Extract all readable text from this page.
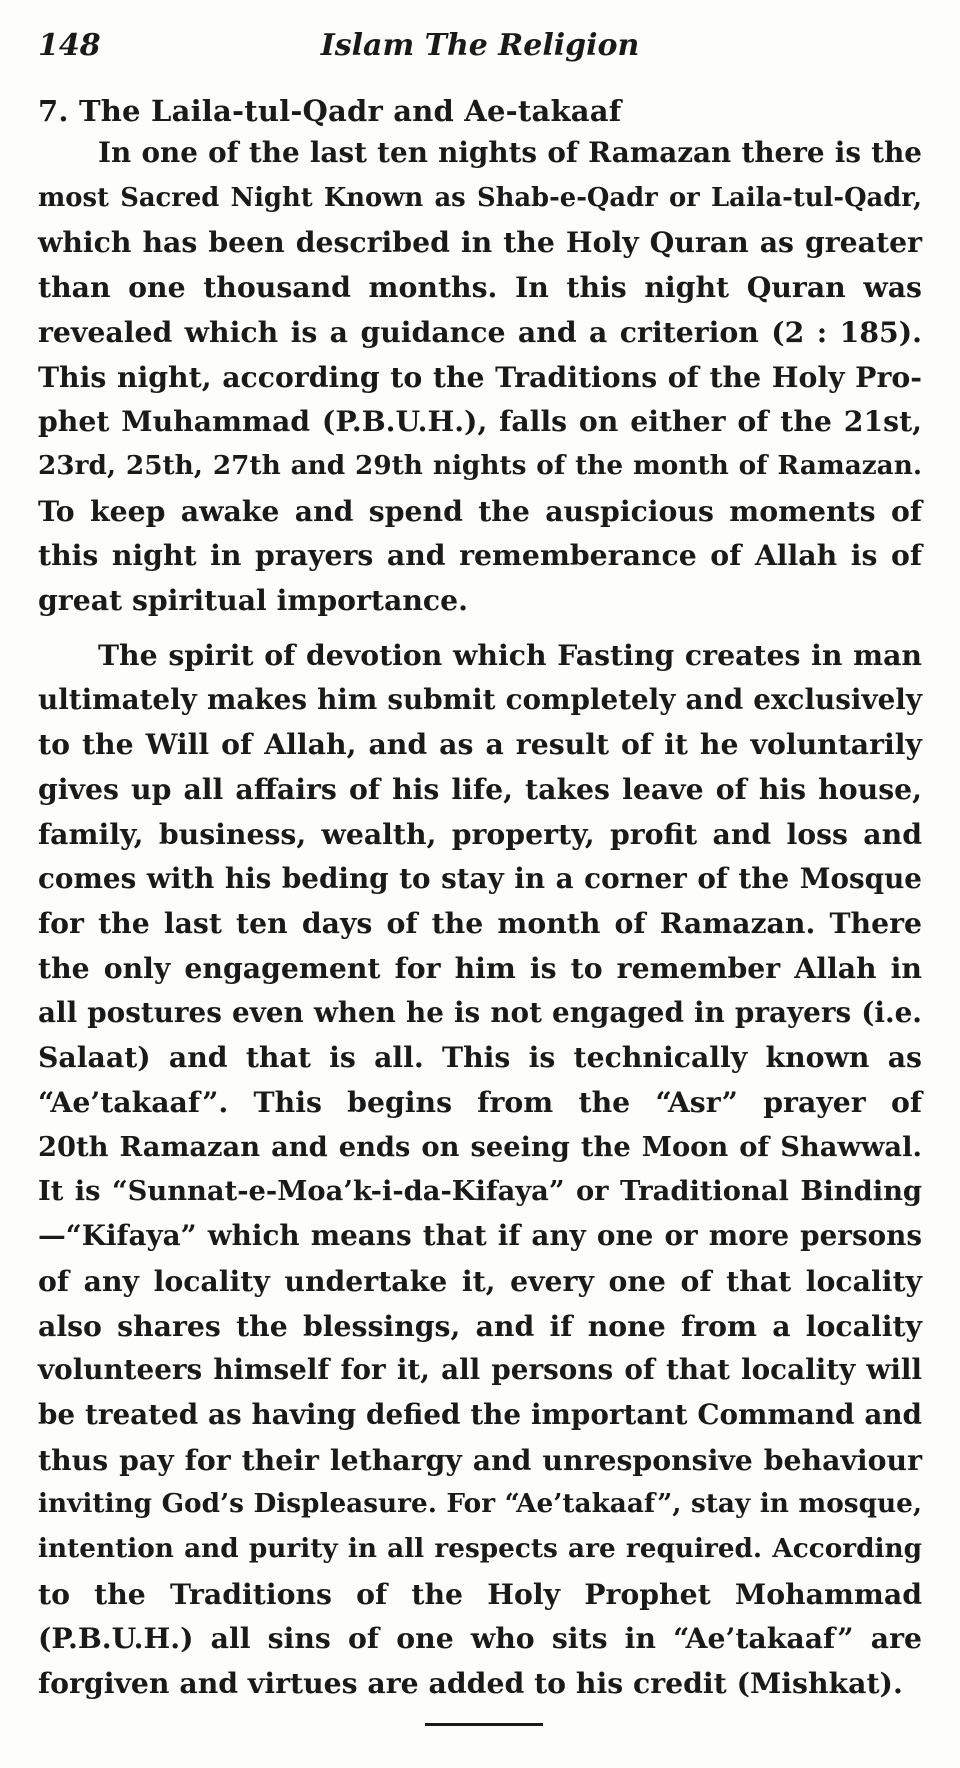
148	Islam The Religion
7. The Laila-tul-Qadr and Ae-takaaf
In one of the last ten nights of Ramazan there is the
most Sacred Night Known as Shab-e-Qadr or Laila-tul-Qadr,
which has been described in the Holy Quran as greater
than one thousand months. In this night Quran was
revealed which is a guidance and a criterion (2 : 185).
This night, according to the Traditions of the Holy Pro-
phet Muhammad (P.B.U.H.), falls on either of the 21st,
23rd, 25th, 27th and 29th nights of the month of Ramazan.
To keep awake and spend the auspicious moments of
this night in prayers and rememberance of Allah is of
great spiritual importance.
The spirit of devotion which Fasting creates in man
ultimately makes him submit completely and exclusively
to the Will of Allah, and as a result of it he voluntarily
gives up all affairs of his life, takes leave of his house,
family, business, wealth, property, profit and loss and
comes with his beding to stay in a corner of the Mosque
for the last ten days of the month of Ramazan. There
the only engagement for him is to remember Allah in
all postures even when he is not engaged in prayers (i.e.
Salaat) and that is all. This is technically known as
“Ae’takaaf”. This begins from the “Asr” prayer of
20th Ramazan and ends on seeing the Moon of Shawwal.
It is “Sunnat-e-Moa’k-i-da-Kifaya” or Traditional Binding
—“Kifaya” which means that if any one or more persons
of any locality undertake it, every one of that locality
also shares the blessings, and if none from a locality
volunteers himself for it, all persons of that locality will
be treated as having defied the important Command and
thus pay for their lethargy and unresponsive behaviour
inviting God’s Displeasure. For “Ae’takaaf”, stay in mosque,
intention and purity in all respects are required. According
to the Traditions of the Holy Prophet Mohammad
(P.B.U.H.) all sins of one who sits in “Ae’takaaf” are
forgiven and virtues are added to his credit (Mishkat).
